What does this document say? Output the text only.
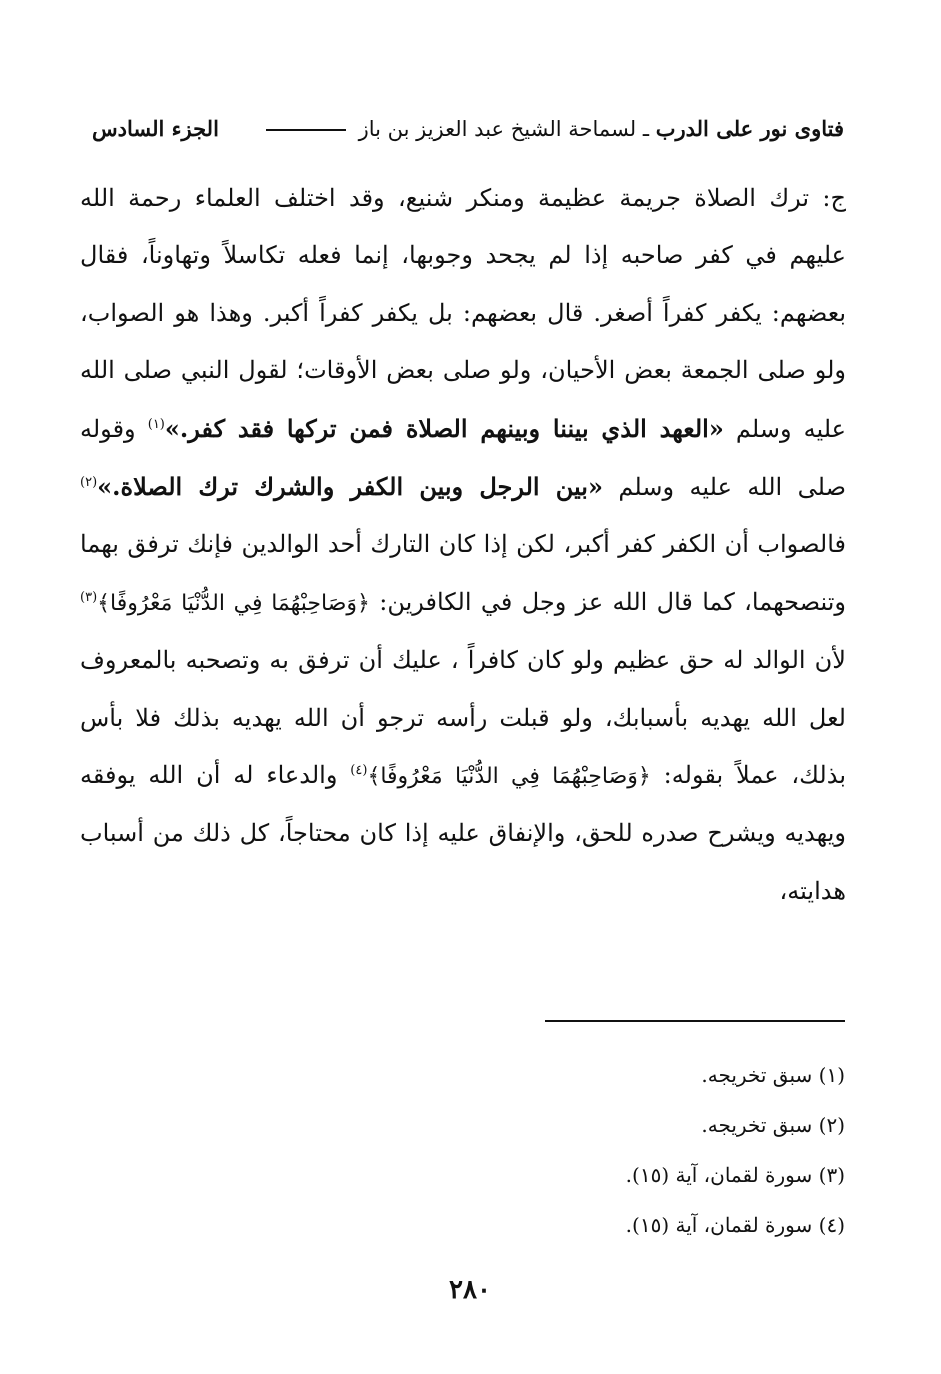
فتاوى نور على الدرب ـ لسماحة الشيخ عبد العزيز بن باز
الجزء السادس
ج: ترك الصلاة جريمة عظيمة ومنكر شنيع، وقد اختلف العلماء رحمة الله عليهم في كفر صاحبه إذا لم يجحد وجوبها، إنما فعله تكاسلاً وتهاوناً، فقال بعضهم: يكفر كفراً أصغر. قال بعضهم: بل يكفر كفراً أكبر. وهذا هو الصواب، ولو صلى الجمعة بعض الأحيان، ولو صلى بعض الأوقات؛ لقول النبي صلى الله عليه وسلم «العهد الذي بيننا وبينهم الصلاة فمن تركها فقد كفر.»$^{(١)}$ وقوله صلى الله عليه وسلم «بين الرجل وبين الكفر والشرك ترك الصلاة.»$^{(٢)}$ فالصواب أن الكفر كفر أكبر، لكن إذا كان التارك أحد الوالدين فإنك ترفق بهما وتنصحهما، كما قال الله عز وجل في الكافرين: ﴿وَصَاحِبْهُمَا فِي الدُّنْيَا مَعْرُوفًا﴾$^{(٣)}$ لأن الوالد له حق عظيم ولو كان كافراً ، عليك أن ترفق به وتصحبه بالمعروف لعل الله يهديه بأسبابك، ولو قبلت رأسه ترجو أن الله يهديه بذلك فلا بأس بذلك، عملاً بقوله: ﴿وَصَاحِبْهُمَا فِي الدُّنْيَا مَعْرُوفًا﴾$^{(٤)}$ والدعاء له أن الله يوفقه ويهديه ويشرح صدره للحق، والإنفاق عليه إذا كان محتاجاً، كل ذلك من أسباب هدايته،
(١) سبق تخريجه.
(٢) سبق تخريجه.
(٣) سورة لقمان، آية (١٥).
(٤) سورة لقمان، آية (١٥).
٢٨٠
